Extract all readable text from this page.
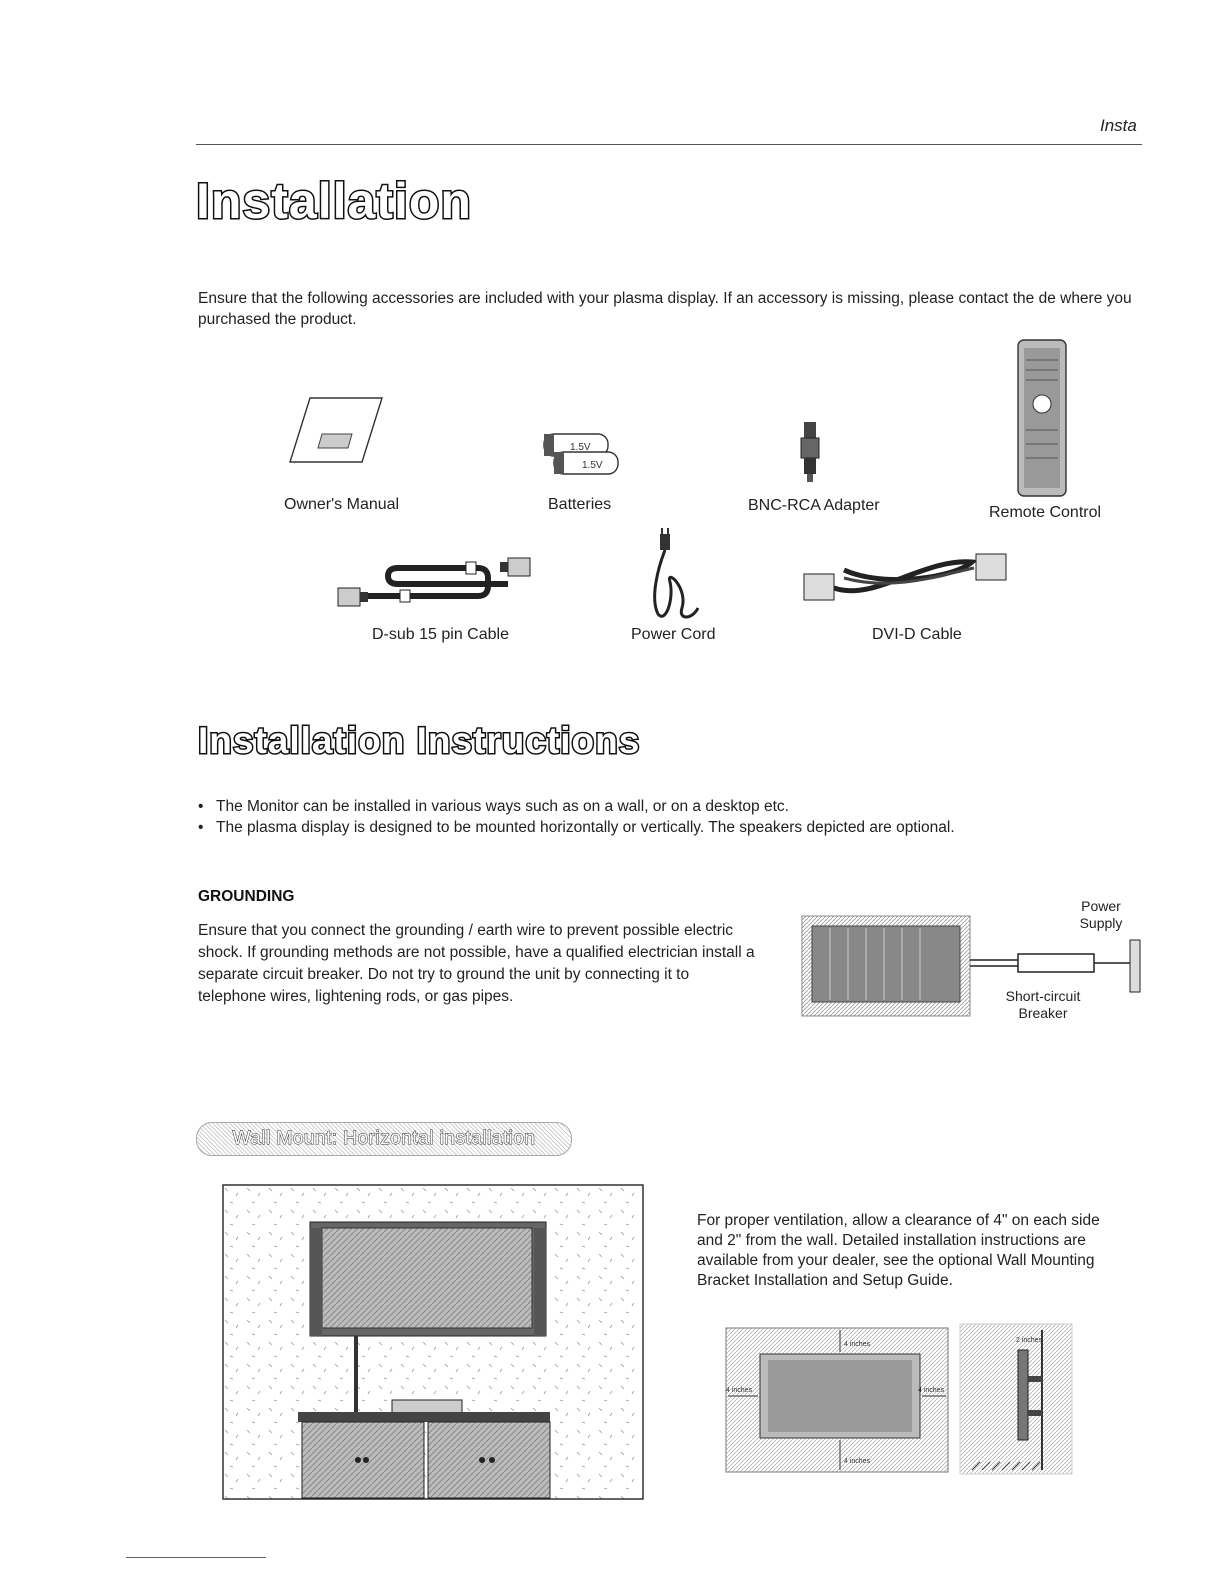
Insta
Installation
Ensure that the following accessories are included with your plasma display. If an accessory is missing, please contact the de where you purchased the product.
Owner's Manual
1.5V
1.5V
Batteries	BNC-RCA Adapter	Remote Control
D-sub 15 pin Cable	Power Cord	DVI-D Cable
Installation Instructions
• The Monitor can be installed in various ways such as on a wall, or on a desktop etc.
• The plasma display is designed to be mounted horizontally or vertically. The speakers depicted are optional.
GROUNDING
Ensure that you connect the grounding / earth wire to prevent possible electric shock. If grounding methods are not possible, have a qualified electrician install a separate circuit breaker. Do not try to ground the unit by connecting it to telephone wires, lightening rods, or gas pipes.
Power
Supply
Short-circuit
Breaker
Wall Mount: Horizontal installation
For proper ventilation, allow a clearance of 4" on each side and 2" from the wall. Detailed installation instructions are available from your dealer, see the optional Wall Mounting Bracket Installation and Setup Guide.
4 inches
4 inches
4 inches	4 inches
2 inches
